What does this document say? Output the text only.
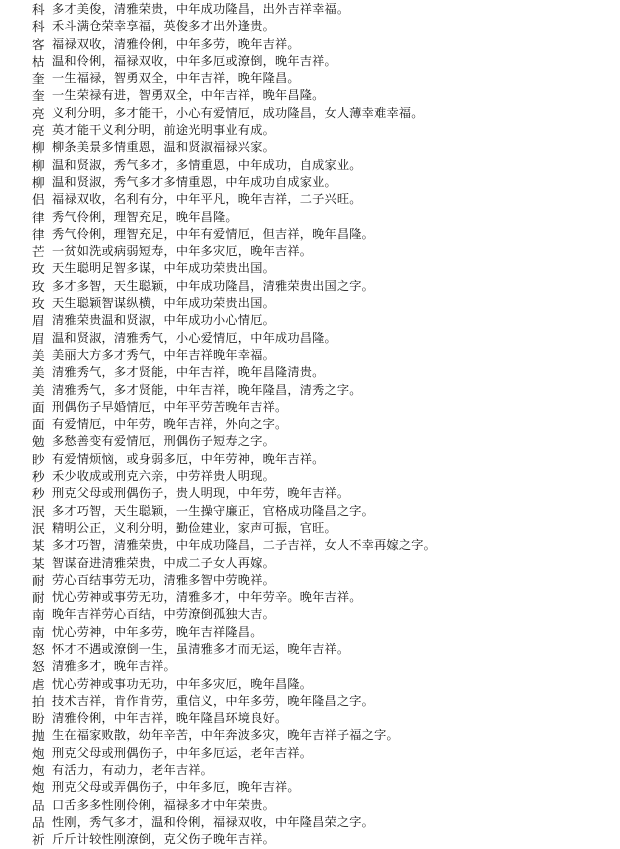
科 多才美俊，清雅荣贵，中年成功隆昌，出外吉祥幸福。
科 禾斗满仓荣幸享福，英俊多才出外逢贵。
客 福禄双收，清雅伶俐，中年多劳，晚年吉祥。
枯 温和伶俐，福禄双收，中年多厄或潦倒，晚年吉祥。
奎 一生福禄，智勇双全，中年吉祥，晚年隆昌。
奎 一生荣禄有进，智勇双全，中年吉祥，晚年昌隆。
亮 义利分明，多才能干，小心有爱情厄，成功隆昌，女人薄幸难幸福。
亮 英才能干义利分明，前途光明事业有成。
柳 柳条美景多情重恩，温和贤淑福禄兴家。
柳 温和贤淑，秀气多才，多情重恩，中年成功，自成家业。
柳 温和贤淑，秀气多才多情重恩，中年成功自成家业。
侣 福禄双收，名利有分，中年平凡，晚年吉祥，二子兴旺。
律 秀气伶俐，理智充足，晚年昌隆。
律 秀气伶俐，理智充足，中年有爱情厄，但吉祥，晚年昌隆。
芒 一贫如洗或病弱短寿，中年多灾厄，晚年吉祥。
玫 天生聪明足智多谋，中年成功荣贵出国。
玫 多才多智，天生聪颖，中年成功隆昌，清雅荣贵出国之字。
玫 天生聪颖智谋纵横，中年成功荣贵出国。
眉 清雅荣贵温和贤淑，中年成功小心情厄。
眉 温和贤淑，清雅秀气，小心爱情厄，中年成功昌隆。
美 美丽大方多才秀气，中年吉祥晚年幸福。
美 清雅秀气，多才贤能，中年吉祥，晚年昌隆清贵。
美 清雅秀气，多才贤能，中年吉祥，晚年隆昌，清秀之字。
面 刑偶伤子早婚情厄，中年平劳苦晚年吉祥。
面 有爱情厄，中年劳，晚年吉祥，外向之字。
勉 多愁善变有爱情厄，刑偶伤子短寿之字。
眇 有爱情烦恼，或身弱多厄，中年劳神，晚年吉祥。
秒 禾少收成或刑克六亲，中劳祥贵人明现。
秒 刑克父母或刑偶伤子，贵人明现，中年劳，晚年吉祥。
泯 多才巧智，天生聪颖，一生操守廉正，官格成功隆昌之字。
泯 精明公正，义利分明，勤俭建业，家声可振，官旺。
某 多才巧智，清雅荣贵，中年成功隆昌，二子吉祥，女人不幸再嫁之字。
某 智谋奋进清雅荣贵，中成二子女人再嫁。
耐 劳心百结事劳无功，清雅多智中劳晚祥。
耐 忧心劳神或事劳无功，清雅多才，中年劳辛。晚年吉祥。
南 晚年吉祥劳心百结，中劳潦倒孤独大吉。
南 忧心劳神，中年多劳，晚年吉祥隆昌。
怒 怀才不遇或潦倒一生，虽清雅多才而无运，晚年吉祥。
怒 清雅多才，晚年吉祥。
虐 忧心劳神或事功无功，中年多灾厄，晚年昌隆。
拍 技术吉祥，肯作肯劳，重信义，中年多劳，晚年隆昌之字。
盼 清雅伶俐，中年吉祥，晚年隆昌环境良好。
抛 生在福家败散，幼年辛苦，中年奔波多灾，晚年吉祥子福之字。
炮 刑克父母或刑偶伤子，中年多厄运，老年吉祥。
炮 有活力，有动力，老年吉祥。
炮 刑克父母或弄偶伤子，中年多厄，晚年吉祥。
品 口舌多多性刚伶俐，福禄多才中年荣贵。
品 性刚，秀气多才，温和伶俐，福禄双收，中年隆昌荣之字。
祈 斤斤计较性刚潦倒，克父伤子晚年吉祥。
